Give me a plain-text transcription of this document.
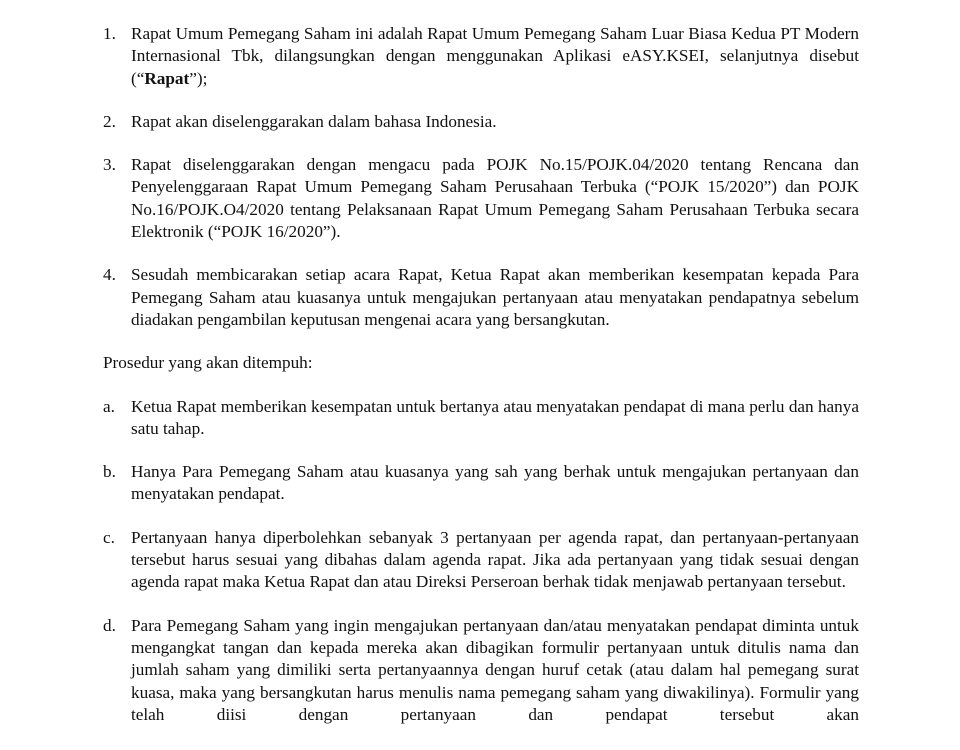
1. Rapat Umum Pemegang Saham ini adalah Rapat Umum Pemegang Saham Luar Biasa Kedua PT Modern Internasional Tbk, dilangsungkan dengan menggunakan Aplikasi eASY.KSEI, selanjutnya disebut (“Rapat”);
2. Rapat akan diselenggarakan dalam bahasa Indonesia.
3. Rapat diselenggarakan dengan mengacu pada POJK No.15/POJK.04/2020 tentang Rencana dan Penyelenggaraan Rapat Umum Pemegang Saham Perusahaan Terbuka (“POJK 15/2020”) dan POJK No.16/POJK.O4/2020 tentang Pelaksanaan Rapat Umum Pemegang Saham Perusahaan Terbuka secara Elektronik (“POJK 16/2020”).
4. Sesudah membicarakan setiap acara Rapat, Ketua Rapat akan memberikan kesempatan kepada Para Pemegang Saham atau kuasanya untuk mengajukan pertanyaan atau menyatakan pendapatnya sebelum diadakan pengambilan keputusan mengenai acara yang bersangkutan.
Prosedur yang akan ditempuh:
a. Ketua Rapat memberikan kesempatan untuk bertanya atau menyatakan pendapat di mana perlu dan hanya satu tahap.
b. Hanya Para Pemegang Saham atau kuasanya yang sah yang berhak untuk mengajukan pertanyaan dan menyatakan pendapat.
c. Pertanyaan hanya diperbolehkan sebanyak 3 pertanyaan per agenda rapat, dan pertanyaan-pertanyaan tersebut harus sesuai yang dibahas dalam agenda rapat. Jika ada pertanyaan yang tidak sesuai dengan agenda rapat maka Ketua Rapat dan atau Direksi Perseroan berhak tidak menjawab pertanyaan tersebut.
d. Para Pemegang Saham yang ingin mengajukan pertanyaan dan/atau menyatakan pendapat diminta untuk mengangkat tangan dan kepada mereka akan dibagikan formulir pertanyaan untuk ditulis nama dan jumlah saham yang dimiliki serta pertanyaannya dengan huruf cetak (atau dalam hal pemegang surat kuasa, maka yang bersangkutan harus menulis nama pemegang saham yang diwakilinya). Formulir yang telah diisi dengan pertanyaan dan pendapat tersebut akan
